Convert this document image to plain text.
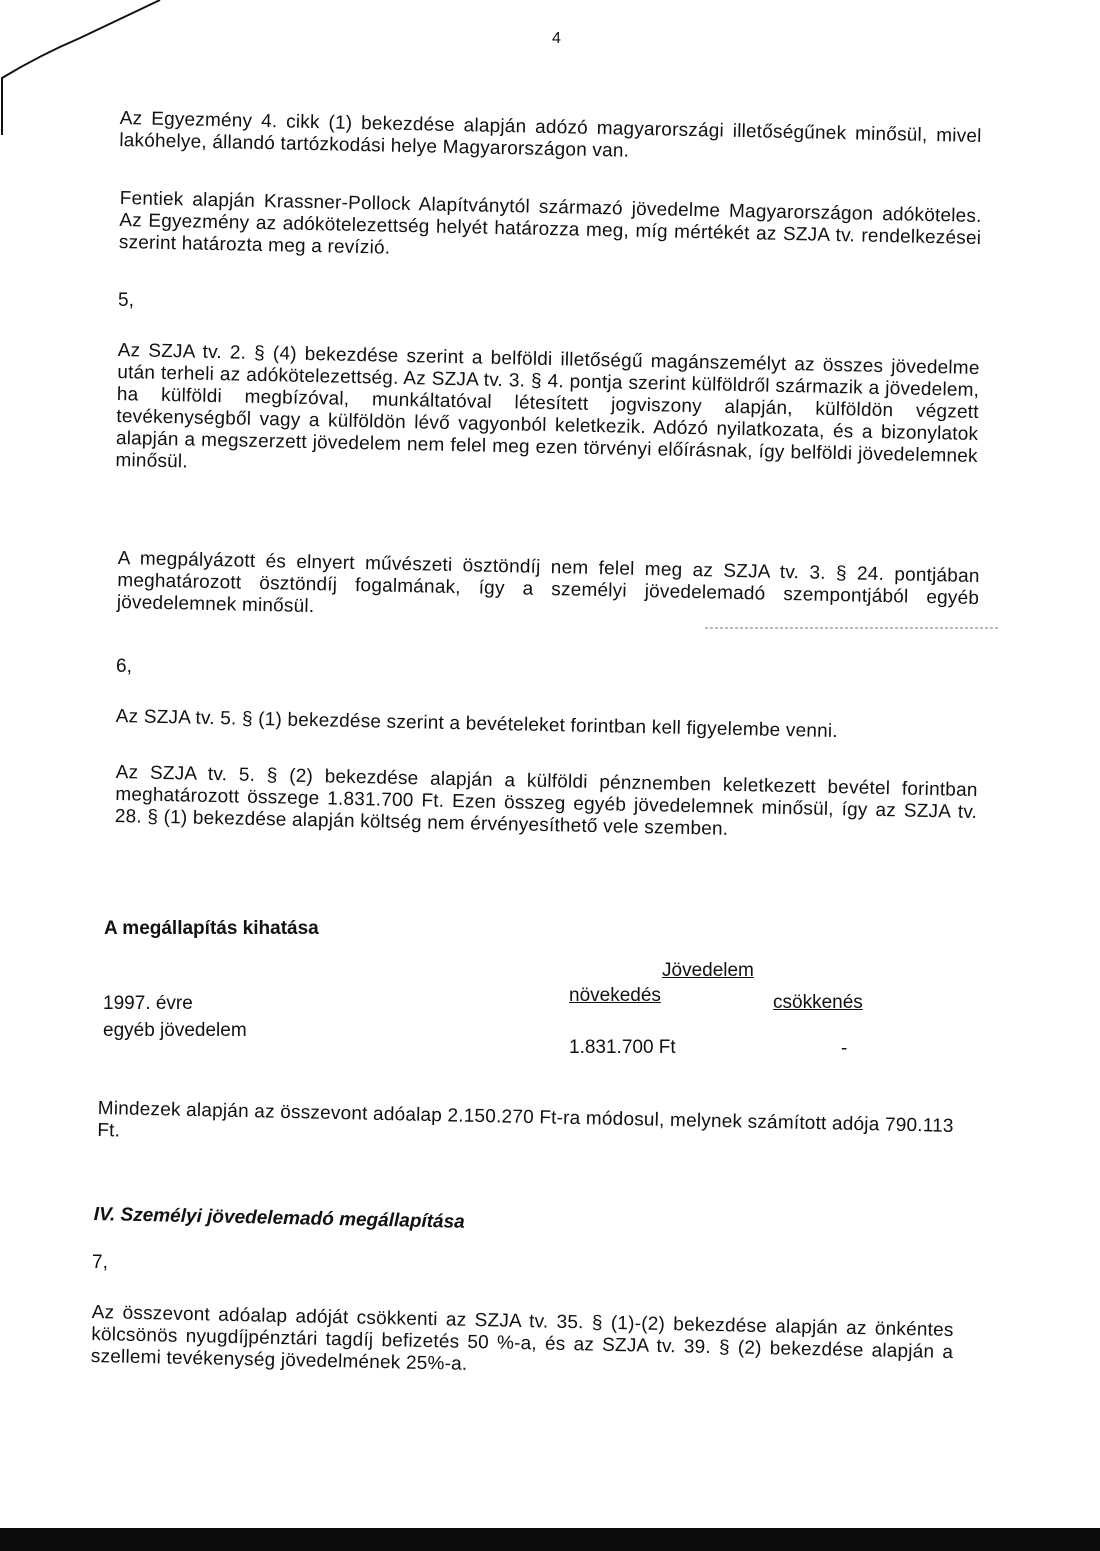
4

Az Egyezmény 4. cikk (1) bekezdése alapján adózó magyarországi illetőségűnek minősül, mivel lakóhelye, állandó tartózkodási helye Magyarországon van.

Fentiek alapján Krassner-Pollock Alapítványtól származó jövedelme Magyarországon adóköteles. Az Egyezmény az adókötelezettség helyét határozza meg, míg mértékét az SZJA tv. rendelkezései szerint határozta meg a revízió.

5,

Az SZJA tv. 2. § (4) bekezdése szerint a belföldi illetőségű magánszemélyt az összes jövedelme után terheli az adókötelezettség. Az SZJA tv. 3. § 4. pontja szerint külföldről származik a jövedelem, ha külföldi megbízóval, munkáltatóval létesített jogviszony alapján, külföldön végzett tevékenységből vagy a külföldön lévő vagyonból keletkezik. Adózó nyilatkozata, és a bizonylatok alapján a megszerzett jövedelem nem felel meg ezen törvényi előírásnak, így belföldi jövedelemnek minősül.

A megpályázott és elnyert művészeti ösztöndíj nem felel meg az SZJA tv. 3. § 24. pontjában meghatározott ösztöndíj fogalmának, így a személyi jövedelemadó szempontjából egyéb jövedelemnek minősül.

6,

Az SZJA tv. 5. § (1) bekezdése szerint a bevételeket forintban kell figyelembe venni.

Az SZJA tv. 5. § (2) bekezdése alapján a külföldi pénznemben keletkezett bevétel forintban meghatározott összege 1.831.700 Ft. Ezen összeg egyéb jövedelemnek minősül, így az SZJA tv. 28. § (1) bekezdése alapján költség nem érvényesíthető vele szemben.

A megállapítás kihatása
Jövedelem
növekedés	csökkenés
1997. évre
egyéb jövedelem
1.831.700 Ft	-

Mindezek alapján az összevont adóalap 2.150.270 Ft-ra módosul, melynek számított adója 790.113 Ft.

IV. Személyi jövedelemadó megállapítása
7,

Az összevont adóalap adóját csökkenti az SZJA tv. 35. § (1)-(2) bekezdése alapján az önkéntes kölcsönös nyugdíjpénztári tagdíj befizetés 50 %-a, és az SZJA tv. 39. § (2) bekezdése alapján a szellemi tevékenység jövedelmének 25%-a.
